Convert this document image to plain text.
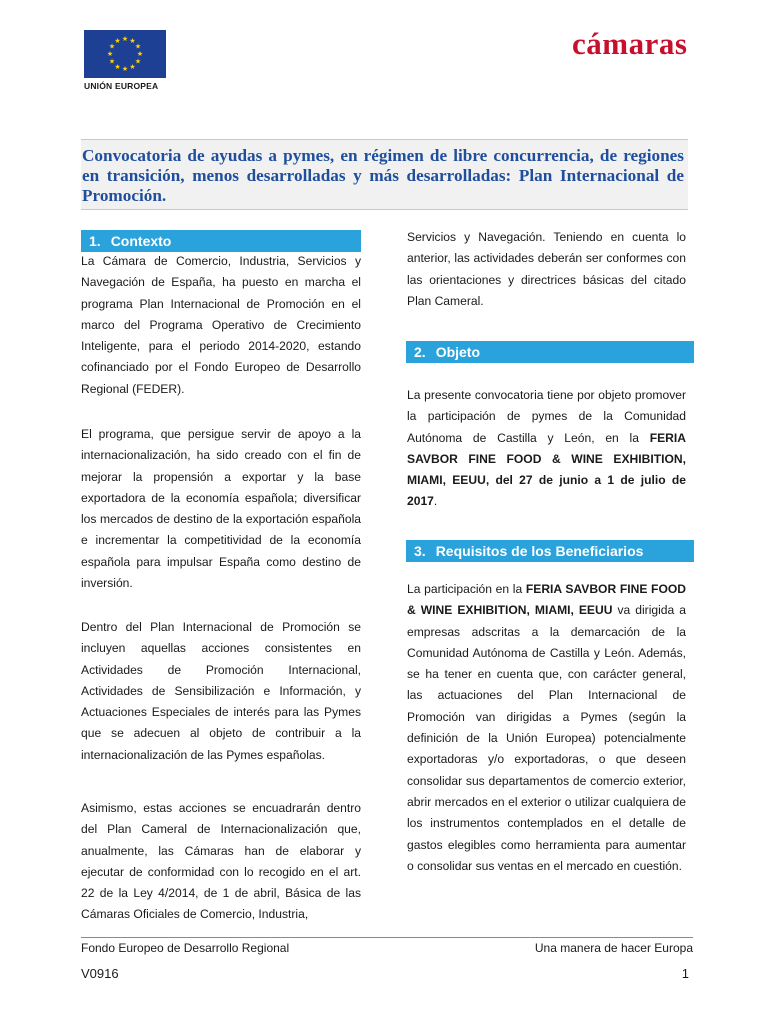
★ ★
★
★
★
★
★
★
★
★
★
★
UNIÓN EUROPEA
cámaras

Convocatoria de ayudas a pymes, en régimen de libre concurrencia, de regiones en transición, menos desarrolladas y más desarrolladas: Plan Internacional de Promoción.

1. Contexto

La Cámara de Comercio, Industria, Servicios y Navegación de España, ha puesto en marcha el programa Plan Internacional de Promoción en el marco del Programa Operativo de Crecimiento Inteligente, para el periodo 2014-2020, estando cofinanciado por el Fondo Europeo de Desarrollo Regional (FEDER).

El programa, que persigue servir de apoyo a la internacionalización, ha sido creado con el fin de mejorar la propensión a exportar y la base exportadora de la economía española; diversificar los mercados de destino de la exportación española e incrementar la competitividad de la economía española para impulsar España como destino de inversión.

Dentro del Plan Internacional de Promoción se incluyen aquellas acciones consistentes en Actividades de Promoción Internacional, Actividades de Sensibilización e Información, y Actuaciones Especiales de interés para las Pymes que se adecuen al objeto de contribuir a la internacionalización de las Pymes españolas.

Asimismo, estas acciones se encuadrarán dentro del Plan Cameral de Internacionalización que, anualmente, las Cámaras han de elaborar y ejecutar de conformidad con lo recogido en el art. 22 de la Ley 4/2014, de 1 de abril, Básica de las Cámaras Oficiales de Comercio, Industria,

Servicios y Navegación. Teniendo en cuenta lo anterior, las actividades deberán ser conformes con las orientaciones y directrices básicas del citado Plan Cameral.

2. Objeto

La presente convocatoria tiene por objeto promover la participación de pymes de la Comunidad Autónoma de Castilla y León, en la FERIA SAVBOR FINE FOOD & WINE EXHIBITION, MIAMI, EEUU, del 27 de junio a 1 de julio de 2017.

3. Requisitos de los Beneficiarios

La participación en la FERIA SAVBOR FINE FOOD & WINE EXHIBITION, MIAMI, EEUU va dirigida a empresas adscritas a la demarcación de la Comunidad Autónoma de Castilla y León. Además, se ha tener en cuenta que, con carácter general, las actuaciones del Plan Internacional de Promoción van dirigidas a Pymes (según la definición de la Unión Europea) potencialmente exportadoras y/o exportadoras, o que deseen consolidar sus departamentos de comercio exterior, abrir mercados en el exterior o utilizar cualquiera de los instrumentos contemplados en el detalle de gastos elegibles como herramienta para aumentar o consolidar sus ventas en el mercado en cuestión.

Fondo Europeo de Desarrollo Regional	Una manera de hacer Europa
V0916	1
